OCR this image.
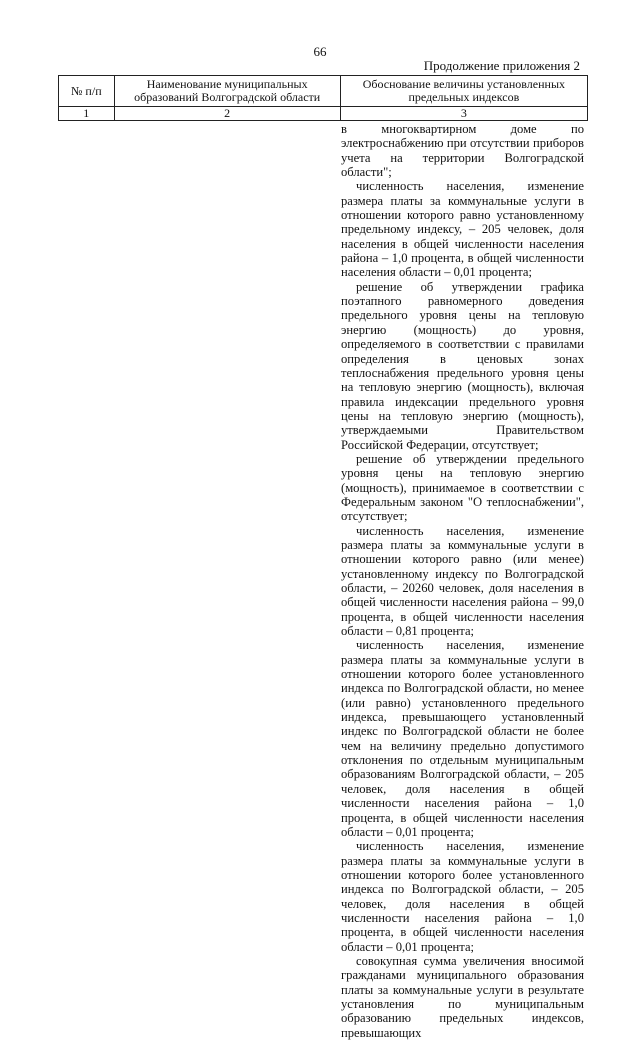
66
Продолжение приложения 2
№ п/п	Наименование муниципальных образований Волгоградской области	Обоснование величины установленных предельных индексов
1	2	3

в многоквартирном доме по электроснабжению при отсутствии приборов учета на территории Волгоградской области";

численность населения, изменение размера платы за коммунальные услуги в отношении которого равно установленному предельному индексу, – 205 человек, доля населения в общей численности населения района – 1,0 процента, в общей численности населения области – 0,01 процента;

решение об утверждении графика поэтапного равномерного доведения предельного уровня цены на тепловую энергию (мощность) до уровня, определяемого в соответствии с правилами определения в ценовых зонах теплоснабжения предельного уровня цены на тепловую энергию (мощность), включая правила индексации предельного уровня цены на тепловую энергию (мощность), утверждаемыми Правительством Российской Федерации, отсутствует;

решение об утверждении предельного уровня цены на тепловую энергию (мощность), принимаемое в соответствии с Федеральным законом "О теплоснабжении", отсутствует;

численность населения, изменение размера платы за коммунальные услуги в отношении которого равно (или менее) установленному индексу по Волгоградской области, – 20260 человек, доля населения в общей численности населения района – 99,0 процента, в общей численности населения области – 0,81 процента;

численность населения, изменение размера платы за коммунальные услуги в отношении которого более установленного индекса по Волгоградской области, но менее (или равно) установленного предельного индекса, превышающего установленный индекс по Волгоградской области не более чем на величину предельно допустимого отклонения по отдельным муниципальным образованиям Волгоградской области, – 205 человек, доля населения в общей численности населения района – 1,0 процента, в общей численности населения области – 0,01 процента;

численность населения, изменение размера платы за коммунальные услуги в отношении которого более установленного индекса по Волгоградской области, – 205 человек, доля населения в общей численности населения района – 1,0 процента, в общей численности населения области – 0,01 процента;

совокупная сумма увеличения вносимой гражданами муниципального образования платы за коммунальные услуги в результате установления по муниципальным образованию предельных индексов, превышающих
